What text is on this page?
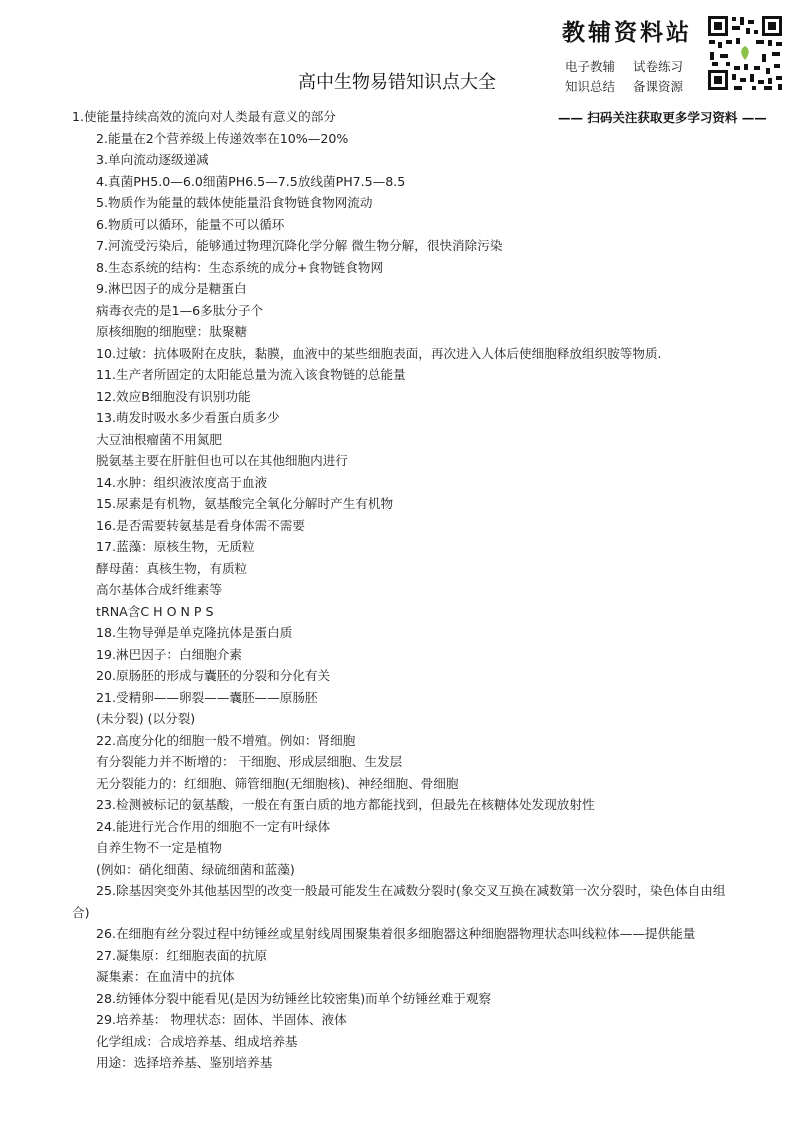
教辅资料站
电子教辅 试卷练习
知识总结 备课资源
—— 扫码关注获取更多学习资料 ——
高中生物易错知识点大全
1.使能量持续高效的流向对人类最有意义的部分
2.能量在2个营养级上传递效率在10%—20%
3.单向流动逐级递减
4.真菌PH5.0—6.0细菌PH6.5—7.5放线菌PH7.5—8.5
5.物质作为能量的载体使能量沿食物链食物网流动
6.物质可以循环，能量不可以循环
7.河流受污染后，能够通过物理沉降化学分解 微生物分解，很快消除污染
8.生态系统的结构：生态系统的成分+食物链食物网
9.淋巴因子的成分是糖蛋白
病毒衣壳的是1—6多肽分子个
原核细胞的细胞壁：肽聚糖
10.过敏：抗体吸附在皮肤，黏膜，血液中的某些细胞表面，再次进入人体后使细胞释放组织胺等物质.
11.生产者所固定的太阳能总量为流入该食物链的总能量
12.效应B细胞没有识别功能
13.萌发时吸水多少看蛋白质多少
大豆油根瘤菌不用氮肥
脱氨基主要在肝脏但也可以在其他细胞内进行
14.水肿：组织液浓度高于血液
15.尿素是有机物，氨基酸完全氧化分解时产生有机物
16.是否需要转氨基是看身体需不需要
17.蓝藻：原核生物，无质粒
酵母菌：真核生物，有质粒
高尔基体合成纤维素等
tRNA含C H O N P S
18.生物导弹是单克隆抗体是蛋白质
19.淋巴因子：白细胞介素
20.原肠胚的形成与囊胚的分裂和分化有关
21.受精卵——卵裂——囊胚——原肠胚
(未分裂) (以分裂)
22.高度分化的细胞一般不增殖。例如：肾细胞
有分裂能力并不断增的： 干细胞、形成层细胞、生发层
无分裂能力的：红细胞、筛管细胞(无细胞核)、神经细胞、骨细胞
23.检测被标记的氨基酸，一般在有蛋白质的地方都能找到，但最先在核糖体处发现放射性
24.能进行光合作用的细胞不一定有叶绿体
自养生物不一定是植物
(例如：硝化细菌、绿硫细菌和蓝藻)
25.除基因突变外其他基因型的改变一般最可能发生在减数分裂时(象交叉互换在减数第一次分裂时，染色体自由组
合)
26.在细胞有丝分裂过程中纺锤丝或星射线周围聚集着很多细胞器这种细胞器物理状态叫线粒体——提供能量
27.凝集原：红细胞表面的抗原
凝集素：在血清中的抗体
28.纺锤体分裂中能看见(是因为纺锤丝比较密集)而单个纺锤丝难于观察
29.培养基： 物理状态：固体、半固体、液体
化学组成：合成培养基、组成培养基
用途：选择培养基、鉴别培养基
